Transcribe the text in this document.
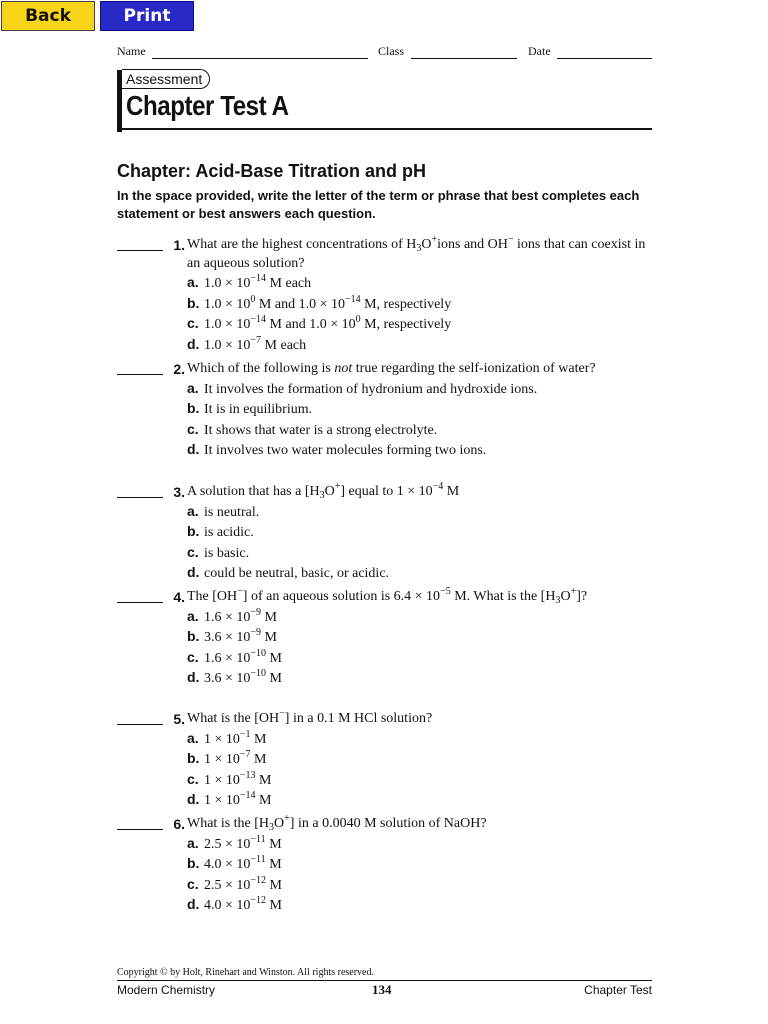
Back	Print
Name	Class	Date
Assessment
Chapter Test A
Chapter: Acid-Base Titration and pH
In the space provided, write the letter of the term or phrase that best completes each statement or best answers each question.
1. What are the highest concentrations of $H_3O^+ions$ and OH− ions that can coexist in an aqueous solution?
a. $1.0 \times 10^{-14}$ M each
b. $1.0 \times 10^0$ M and $1.0 \times 10^{-14}$ M, respectively
c. $1.0 \times 10^{-14}$ M and $1.0 \times 10^0$ M, respectively
d. $1.0 \times 10^{-7}$ M each
2. Which of the following is not true regarding the self-ionization of water?
a. It involves the formation of hydronium and hydroxide ions.
b. It is in equilibrium.
c. It shows that water is a strong electrolyte.
d. It involves two water molecules forming two ions.
3. A solution that has a $[H_3O^+]$ equal to $1 \times 10^{-4}$ M
a. is neutral.
b. is acidic.
c. is basic.
d. could be neutral, basic, or acidic.
4. The [OH−] of an aqueous solution is $6.4 \times 10^{-5}$ M. What is the $[H_3O^+]$?
a. $1.6 \times 10^{-9}$ M
b. $3.6 \times 10^{-9}$ M
c. $1.6 \times 10^{-10}$ M
d. $3.6 \times 10^{-10}$ M
5. What is the [OH−] in a 0.1 M HCl solution?
a. $1 \times 10^{-1}$ M
b. $1 \times 10^{-7}$ M
c. $1 \times 10^{-13}$ M
d. $1 \times 10^{-14}$ M
6. What is the $[H_3O^+]$ in a 0.0040 M solution of NaOH?
a. $2.5 \times 10^{-11}$ M
b. $4.0 \times 10^{-11}$ M
c. $2.5 \times 10^{-12}$ M
d. $4.0 \times 10^{-12}$ M
Copyright © by Holt, Rinehart and Winston. All rights reserved.
Modern Chemistry	134	Chapter Test
